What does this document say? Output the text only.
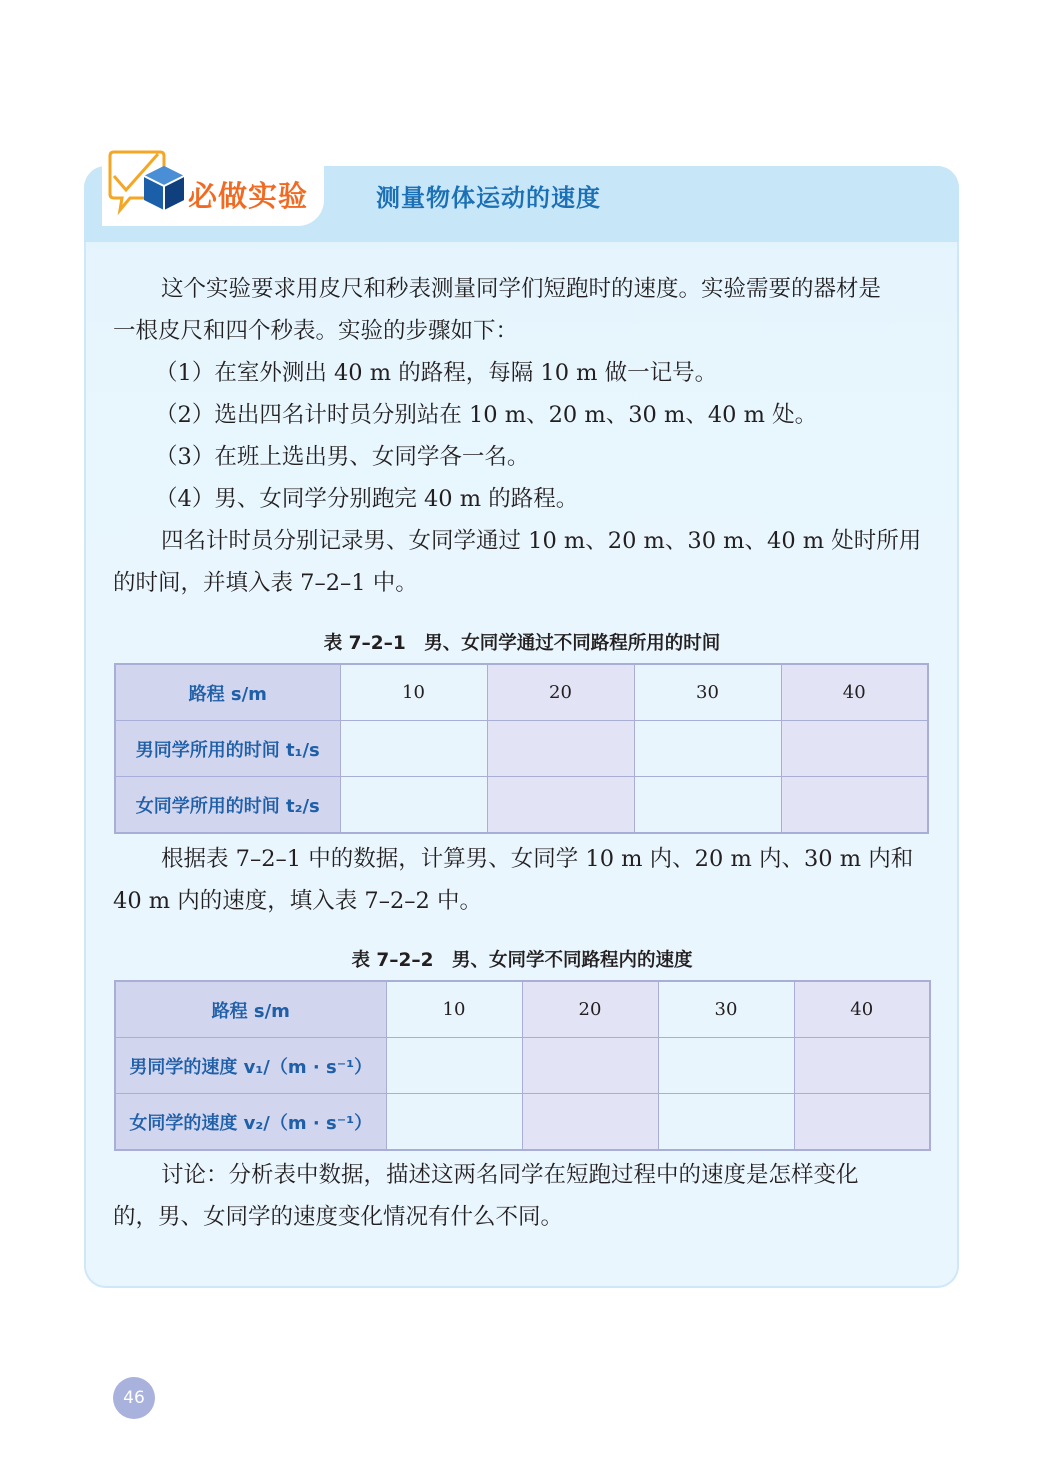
必做实验	测量物体运动的速度

这个实验要求用皮尺和秒表测量同学们短跑时的速度。实验需要的器材是
一根皮尺和四个秒表。实验的步骤如下：

（1）在室外测出 40 m 的路程，每隔 10 m 做一记号。
（2）选出四名计时员分别站在 10 m、20 m、30 m、40 m 处。
（3）在班上选出男、女同学各一名。
（4）男、女同学分别跑完 40 m 的路程。

四名计时员分别记录男、女同学通过 10 m、20 m、30 m、40 m 处时所用
的时间，并填入表 7–2–1 中。

表 7–2–1　男、女同学通过不同路程所用的时间
路程 s/m	10	20	30	40
男同学所用的时间 t₁/s				
女同学所用的时间 t₂/s				

根据表 7–2–1 中的数据，计算男、女同学 10 m 内、20 m 内、30 m 内和
40 m 内的速度，填入表 7–2–2 中。

表 7–2–2　男、女同学不同路程内的速度
路程 s/m	10	20	30	40
男同学的速度 v₁/（m · s⁻¹）				
女同学的速度 v₂/（m · s⁻¹）				

讨论：分析表中数据，描述这两名同学在短跑过程中的速度是怎样变化
的，男、女同学的速度变化情况有什么不同。

46
